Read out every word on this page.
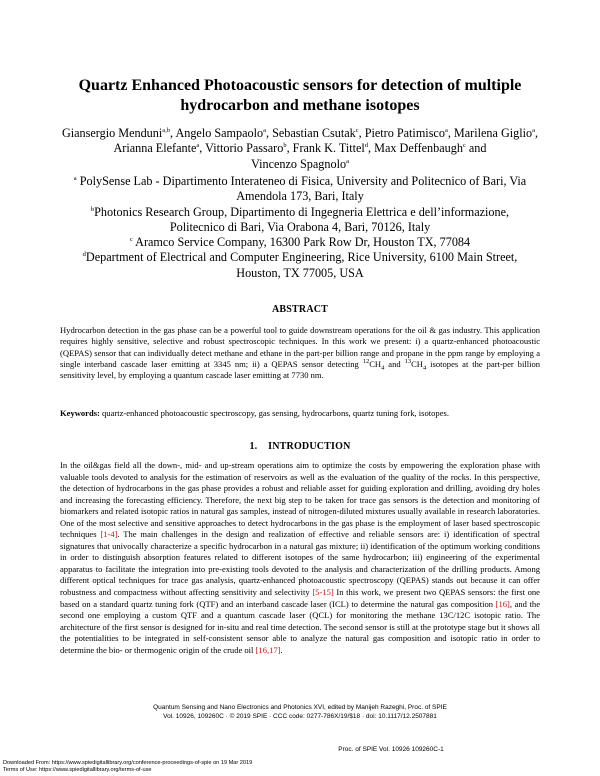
Quartz Enhanced Photoacoustic sensors for detection of multiple
hydrocarbon and methane isotopes
Giansergio Menduni$^{a,b}$, Angelo Sampaolo$^a$, Sebastian Csutak$^c$, Pietro Patimisco$^a$, Marilena Giglio$^a$, Arianna Elefante$^a$, Vittorio Passaro$^b$, Frank K. Tittel$^d$, Max Deffenbaugh$^c$ and
Vincenzo Spagnolo$^a$

$^a$ PolySense Lab - Dipartimento Interateneo di Fisica, University and Politecnico of Bari, Via Amendola 173, Bari, Italy

$^b$Photonics Research Group, Dipartimento di Ingegneria Elettrica e dell’informazione, Politecnico di Bari, Via Orabona 4, Bari, 70126, Italy

$^c$ Aramco Service Company, 16300 Park Row Dr, Houston TX, 77084

$^d$Department of Electrical and Computer Engineering, Rice University, 6100 Main Street, Houston, TX 77005, USA

ABSTRACT

Hydrocarbon detection in the gas phase can be a powerful tool to guide downstream operations for the oil & gas industry. This application requires highly sensitive, selective and robust spectroscopic techniques. In this work we present: i) a quartz-enhanced photoacoustic (QEPAS) sensor that can individually detect methane and ethane in the part-per billion range and propane in the ppm range by employing a single interband cascade laser emitting at 3345 nm; ii) a QEPAS sensor detecting $^{12}CH_4$ and $^{13}CH_4$ isotopes at the part-per billion sensitivity level, by employing a quantum cascade laser emitting at 7730 nm.

Keywords: quartz-enhanced photoacoustic spectroscopy, gas sensing, hydrocarbons, quartz tuning fork, isotopes.

1.    INTRODUCTION

In the oil&gas field all the down-, mid- and up-stream operations aim to optimize the costs by empowering the exploration phase with valuable tools devoted to analysis for the estimation of reservoirs as well as the evaluation of the quality of the rocks. In this perspective, the detection of hydrocarbons in the gas phase provides a robust and reliable asset for guiding exploration and drilling, avoiding dry holes and increasing the forecasting efficiency. Therefore, the next big step to be taken for trace gas sensors is the detection and monitoring of biomarkers and related isotopic ratios in natural gas samples, instead of nitrogen-diluted mixtures usually available in research laboratories. One of the most selective and sensitive approaches to detect hydrocarbons in the gas phase is the employment of laser based spectroscopic techniques [1-4]. The main challenges in the design and realization of effective and reliable sensors are: i) identification of spectral signatures that univocally characterize a specific hydrocarbon in a natural gas mixture; ii) identification of the optimum working conditions in order to distinguish absorption features related to different isotopes of the same hydrocarbon; iii) engineering of the experimental apparatus to facilitate the integration into pre-existing tools devoted to the analysis and characterization of the drilling products. Among different optical techniques for trace gas analysis, quartz-enhanced photoacoustic spectroscopy (QEPAS) stands out because it can offer robustness and compactness without affecting sensitivity and selectivity [5-15] In this work, we present two QEPAS sensors: the first one based on a standard quartz tuning fork (QTF) and an interband cascade laser (ICL) to determine the natural gas composition [16], and the second one employing a custom QTF and a quantum cascade laser (QCL) for monitoring the methane 13C/12C isotopic ratio. The architecture of the first sensor is designed for in-situ and real time detection. The second sensor is still at the prototype stage but it shows all the potentialities to be integrated in self-consistent sensor able to analyze the natural gas composition and isotopic ratio in order to determine the bio- or thermogenic origin of the crude oil [16,17].

Quantum Sensing and Nano Electronics and Photonics XVI, edited by Manijeh Razeghi, Proc. of SPIE
Vol. 10926, 109260C · © 2019 SPIE · CCC code: 0277-786X/19/$18 · doi: 10.1117/12.2507881
Proc. of SPIE Vol. 10926 109260C-1
Downloaded From: https://www.spiedigitallibrary.org/conference-proceedings-of-spie on 19 Mar 2019
Terms of Use: https://www.spiedigitallibrary.org/terms-of-use
